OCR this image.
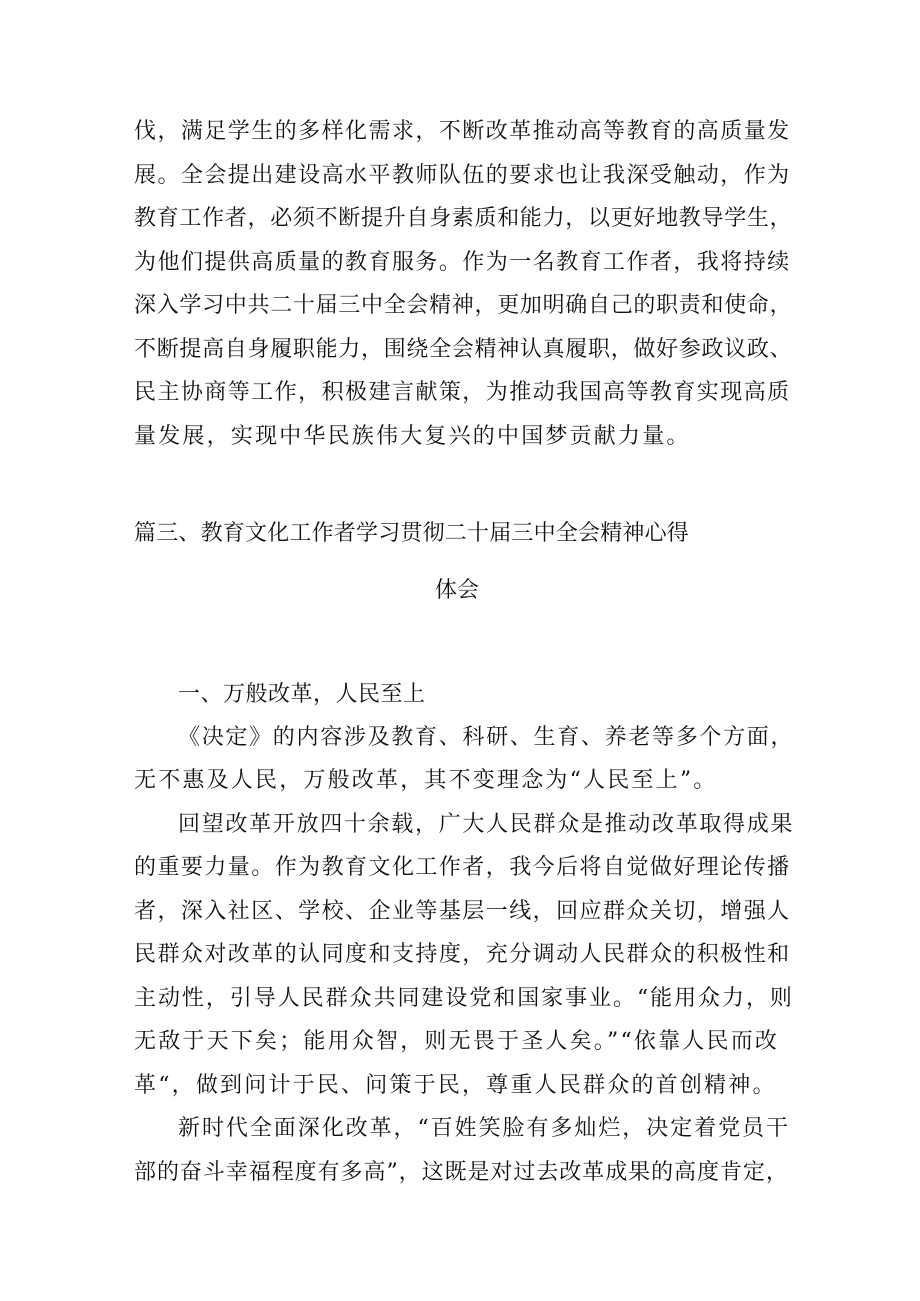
伐，满足学生的多样化需求，不断改革推动高等教育的高质量发
展。全会提出建设高水平教师队伍的要求也让我深受触动，作为
教育工作者，必须不断提升自身素质和能力，以更好地教导学生，
为他们提供高质量的教育服务。作为一名教育工作者，我将持续
深入学习中共二十届三中全会精神，更加明确自己的职责和使命，
不断提高自身履职能力，围绕全会精神认真履职，做好参政议政、
民主协商等工作，积极建言献策，为推动我国高等教育实现高质
量发展，实现中华民族伟大复兴的中国梦贡献力量。
篇三、教育文化工作者学习贯彻二十届三中全会精神心得
体会
一、万般改革，人民至上
《决定》的内容涉及教育、科研、生育、养老等多个方面，
无不惠及人民，万般改革，其不变理念为“人民至上”。
回望改革开放四十余载，广大人民群众是推动改革取得成果
的重要力量。作为教育文化工作者，我今后将自觉做好理论传播
者，深入社区、学校、企业等基层一线，回应群众关切，增强人
民群众对改革的认同度和支持度，充分调动人民群众的积极性和
主动性，引导人民群众共同建设党和国家事业。“能用众力，则
无敌于天下矣；能用众智，则无畏于圣人矣。”“依靠人民而改
革“，做到问计于民、问策于民，尊重人民群众的首创精神。
新时代全面深化改革，“百姓笑脸有多灿烂，决定着党员干
部的奋斗幸福程度有多高”，这既是对过去改革成果的高度肯定，
